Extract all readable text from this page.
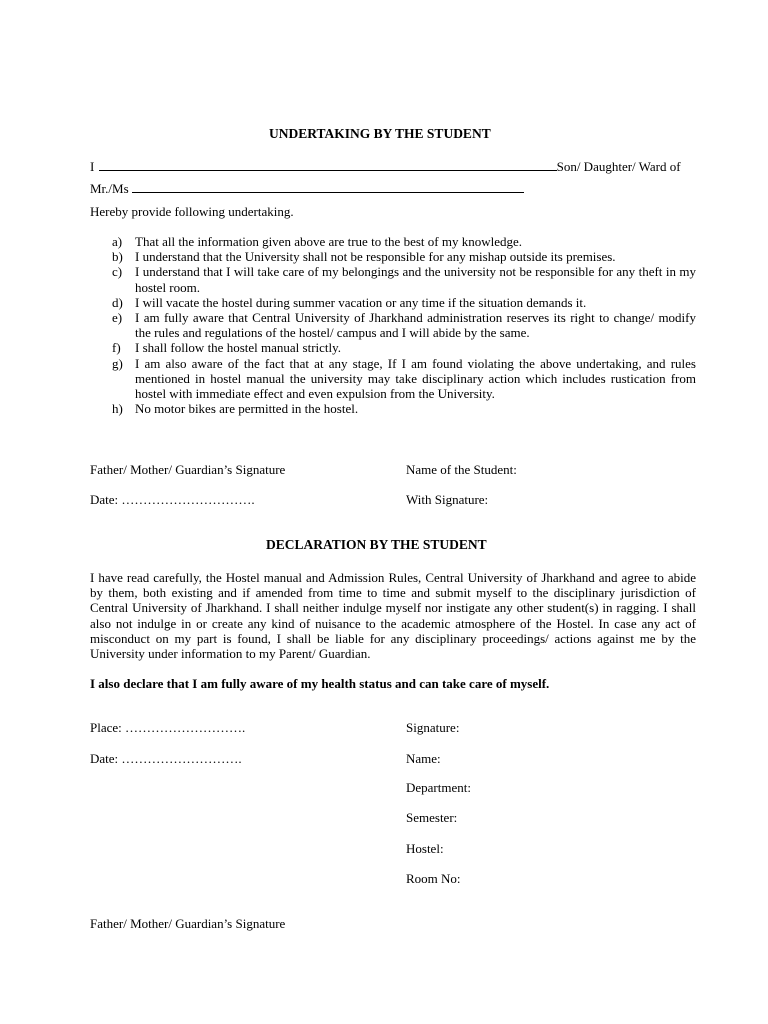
UNDERTAKING BY THE STUDENT
I	Son/ Daughter/ Ward of
Mr./Ms
Hereby provide following undertaking.
a) That all the information given above are true to the best of my knowledge.
b) I understand that the University shall not be responsible for any mishap outside its premises.
c) I understand that I will take care of my belongings and the university not be responsible for any theft in my hostel room.
d) I will vacate the hostel during summer vacation or any time if the situation demands it.
e) I am fully aware that Central University of Jharkhand administration reserves its right to change/ modify the rules and regulations of the hostel/ campus and I will abide by the same.
f) I shall follow the hostel manual strictly.
g) I am also aware of the fact that at any stage, If I am found violating the above undertaking, and rules mentioned in hostel manual the university may take disciplinary action which includes rustication from hostel with immediate effect and even expulsion from the University.
h) No motor bikes are permitted in the hostel.
Father/ Mother/ Guardian’s Signature	Name of the Student:
Date: ………………………….	With Signature:
DECLARATION BY THE STUDENT

I have read carefully, the Hostel manual and Admission Rules, Central University of Jharkhand and agree to abide by them, both existing and if amended from time to time and submit myself to the disciplinary jurisdiction of Central University of Jharkhand. I shall neither indulge myself nor instigate any other student(s) in ragging. I shall also not indulge in or create any kind of nuisance to the academic atmosphere of the Hostel. In case any act of misconduct on my part is found, I shall be liable for any disciplinary proceedings/ actions against me by the University under information to my Parent/ Guardian.

I also declare that I am fully aware of my health status and can take care of myself.
Place: ……………………….
Date: ……………………….
Signature:
Name:
Department:
Semester:
Hostel:
Room No:
Father/ Mother/ Guardian’s Signature
